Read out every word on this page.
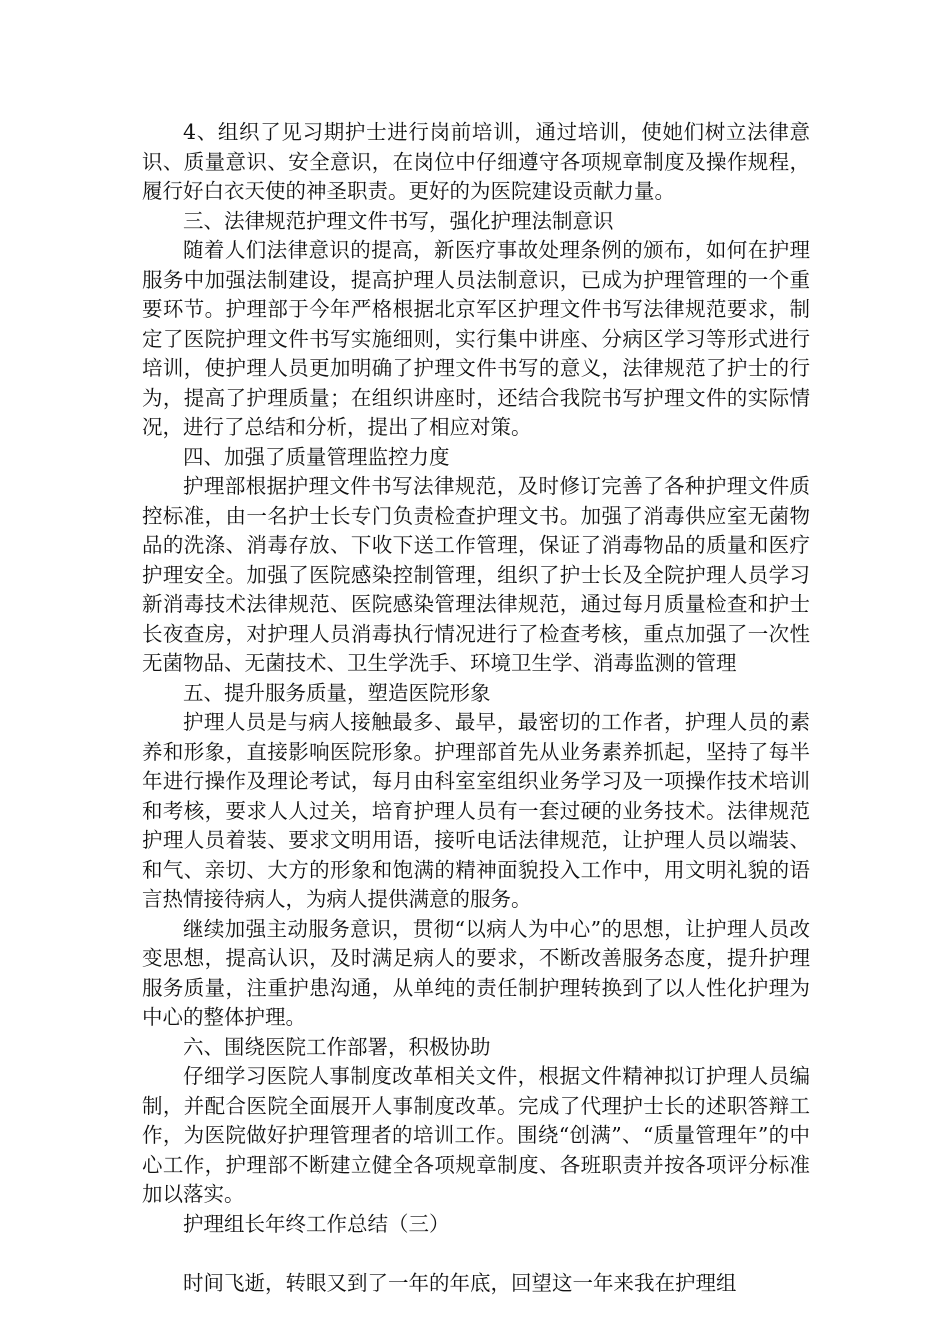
4、组织了见习期护士进行岗前培训，通过培训，使她们树立法律意识、质量意识、安全意识，在岗位中仔细遵守各项规章制度及操作规程，履行好白衣天使的神圣职责。更好的为医院建设贡献力量。

三、法律规范护理文件书写，强化护理法制意识

随着人们法律意识的提高，新医疗事故处理条例的颁布，如何在护理服务中加强法制建设，提高护理人员法制意识，已成为护理管理的一个重要环节。护理部于今年严格根据北京军区护理文件书写法律规范要求，制定了医院护理文件书写实施细则，实行集中讲座、分病区学习等形式进行培训，使护理人员更加明确了护理文件书写的意义，法律规范了护士的行为，提高了护理质量；在组织讲座时，还结合我院书写护理文件的实际情况，进行了总结和分析，提出了相应对策。

四、加强了质量管理监控力度

护理部根据护理文件书写法律规范，及时修订完善了各种护理文件质控标准，由一名护士长专门负责检查护理文书。加强了消毒供应室无菌物品的洗涤、消毒存放、下收下送工作管理，保证了消毒物品的质量和医疗护理安全。加强了医院感染控制管理，组织了护士长及全院护理人员学习新消毒技术法律规范、医院感染管理法律规范，通过每月质量检查和护士长夜查房，对护理人员消毒执行情况进行了检查考核，重点加强了一次性无菌物品、无菌技术、卫生学洗手、环境卫生学、消毒监测的管理

五、提升服务质量，塑造医院形象

护理人员是与病人接触最多、最早，最密切的工作者，护理人员的素养和形象，直接影响医院形象。护理部首先从业务素养抓起，坚持了每半年进行操作及理论考试，每月由科室室组织业务学习及一项操作技术培训和考核，要求人人过关，培育护理人员有一套过硬的业务技术。法律规范护理人员着装、要求文明用语，接听电话法律规范，让护理人员以端装、和气、亲切、大方的形象和饱满的精神面貌投入工作中，用文明礼貌的语言热情接待病人，为病人提供满意的服务。

继续加强主动服务意识，贯彻“以病人为中心”的思想，让护理人员改变思想，提高认识，及时满足病人的要求，不断改善服务态度，提升护理服务质量，注重护患沟通，从单纯的责任制护理转换到了以人性化护理为中心的整体护理。

六、围绕医院工作部署，积极协助

仔细学习医院人事制度改革相关文件，根据文件精神拟订护理人员编制，并配合医院全面展开人事制度改革。完成了代理护士长的述职答辩工作，为医院做好护理管理者的培训工作。围绕“创满”、“质量管理年”的中心工作，护理部不断建立健全各项规章制度、各班职责并按各项评分标准加以落实。

护理组长年终工作总结（三）

时间飞逝，转眼又到了一年的年底，回望这一年来我在护理组
